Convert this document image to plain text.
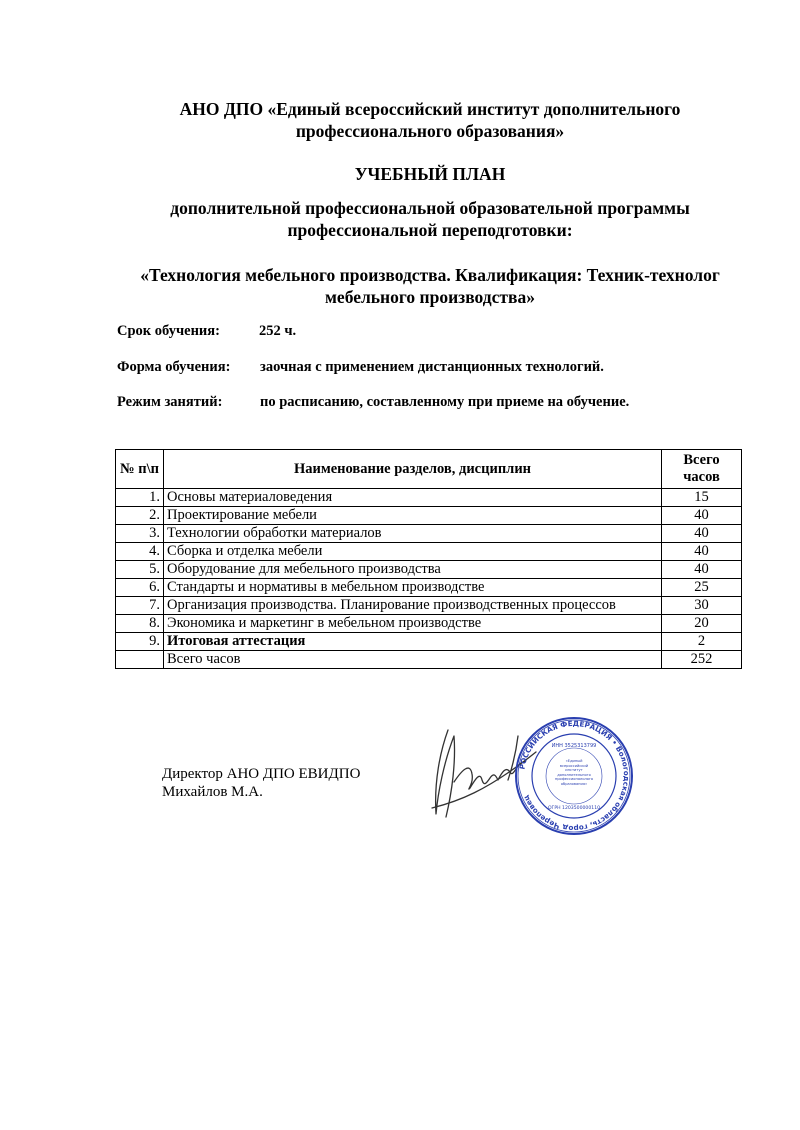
АНО ДПО «Единый всероссийский институт дополнительного профессионального образования»
УЧЕБНЫЙ ПЛАН
дополнительной профессиональной образовательной программы профессиональной переподготовки:
«Технология мебельного производства. Квалификация: Техник-технолог мебельного производства»
Срок обучения:	252 ч.
Форма обучения: заочная с применением дистанционных технологий.
Режим занятий:	по расписанию, составленному при приеме на обучение.
№ п\п	Наименование разделов, дисциплин	Всего часов
1.	Основы материаловедения	15
2.	Проектирование мебели	40
3.	Технологии обработки материалов	40
4.	Сборка и отделка мебели	40
5.	Оборудование для мебельного производства	40
6.	Стандарты и нормативы в мебельном производстве	25
7.	Организация производства. Планирование производственных процессов	30
8.	Экономика и маркетинг в мебельном производстве	20
9.	Итоговая аттестация	2
	Всего часов	252
Директор АНО ДПО ЕВИДПО
Михайлов М.А.
РОССИЙСКАЯ ФЕДЕРАЦИЯ • Вологодская область, город Череповец
ИНН 3525313799
«Единый всероссийский институт дополнительного профессионального образования»
ОГРН 1203500000110
